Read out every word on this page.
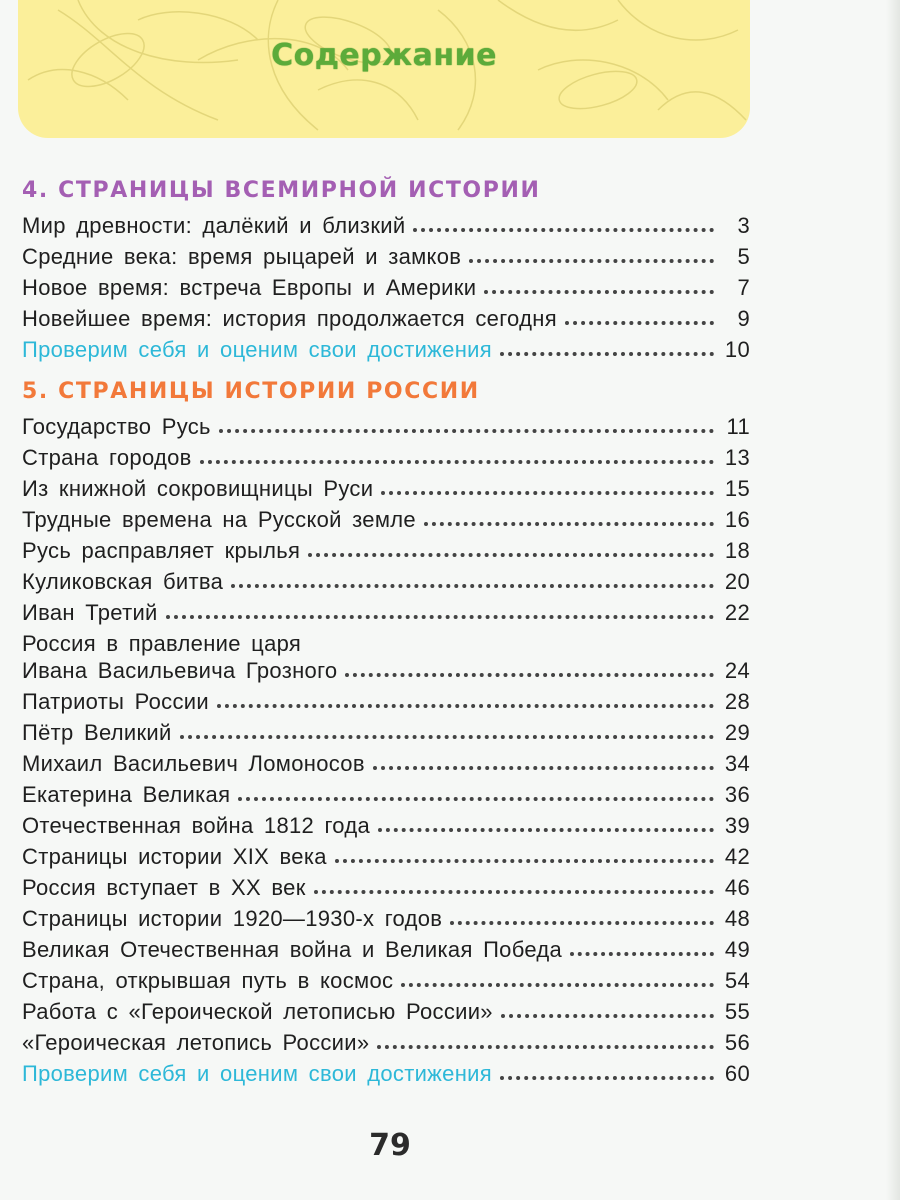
Содержание
4. СТРАНИЦЫ ВСЕМИРНОЙ ИСТОРИИ
Мир древности: далёкий и близкий	3
Средние века: время рыцарей и замков	5
Новое время: встреча Европы и Америки	7
Новейшее время: история продолжается сегодня	9
Проверим себя и оценим свои достижения	10
5. СТРАНИЦЫ ИСТОРИИ РОССИИ
Государство Русь	11
Страна городов	13
Из книжной сокровищницы Руси	15
Трудные времена на Русской земле	16
Русь расправляет крылья	18
Куликовская битва	20
Иван Третий	22
Россия в правление царя
Ивана Васильевича Грозного	24
Патриоты России	28
Пётр Великий	29
Михаил Васильевич Ломоносов	34
Екатерина Великая	36
Отечественная война 1812 года	39
Страницы истории XIX века	42
Россия вступает в XX век	46
Страницы истории 1920—1930-х годов	48
Великая Отечественная война и Великая Победа	49
Страна, открывшая путь в космос	54
Работа с «Героической летописью России»	55
«Героическая летопись России»	56
Проверим себя и оценим свои достижения	60
79
